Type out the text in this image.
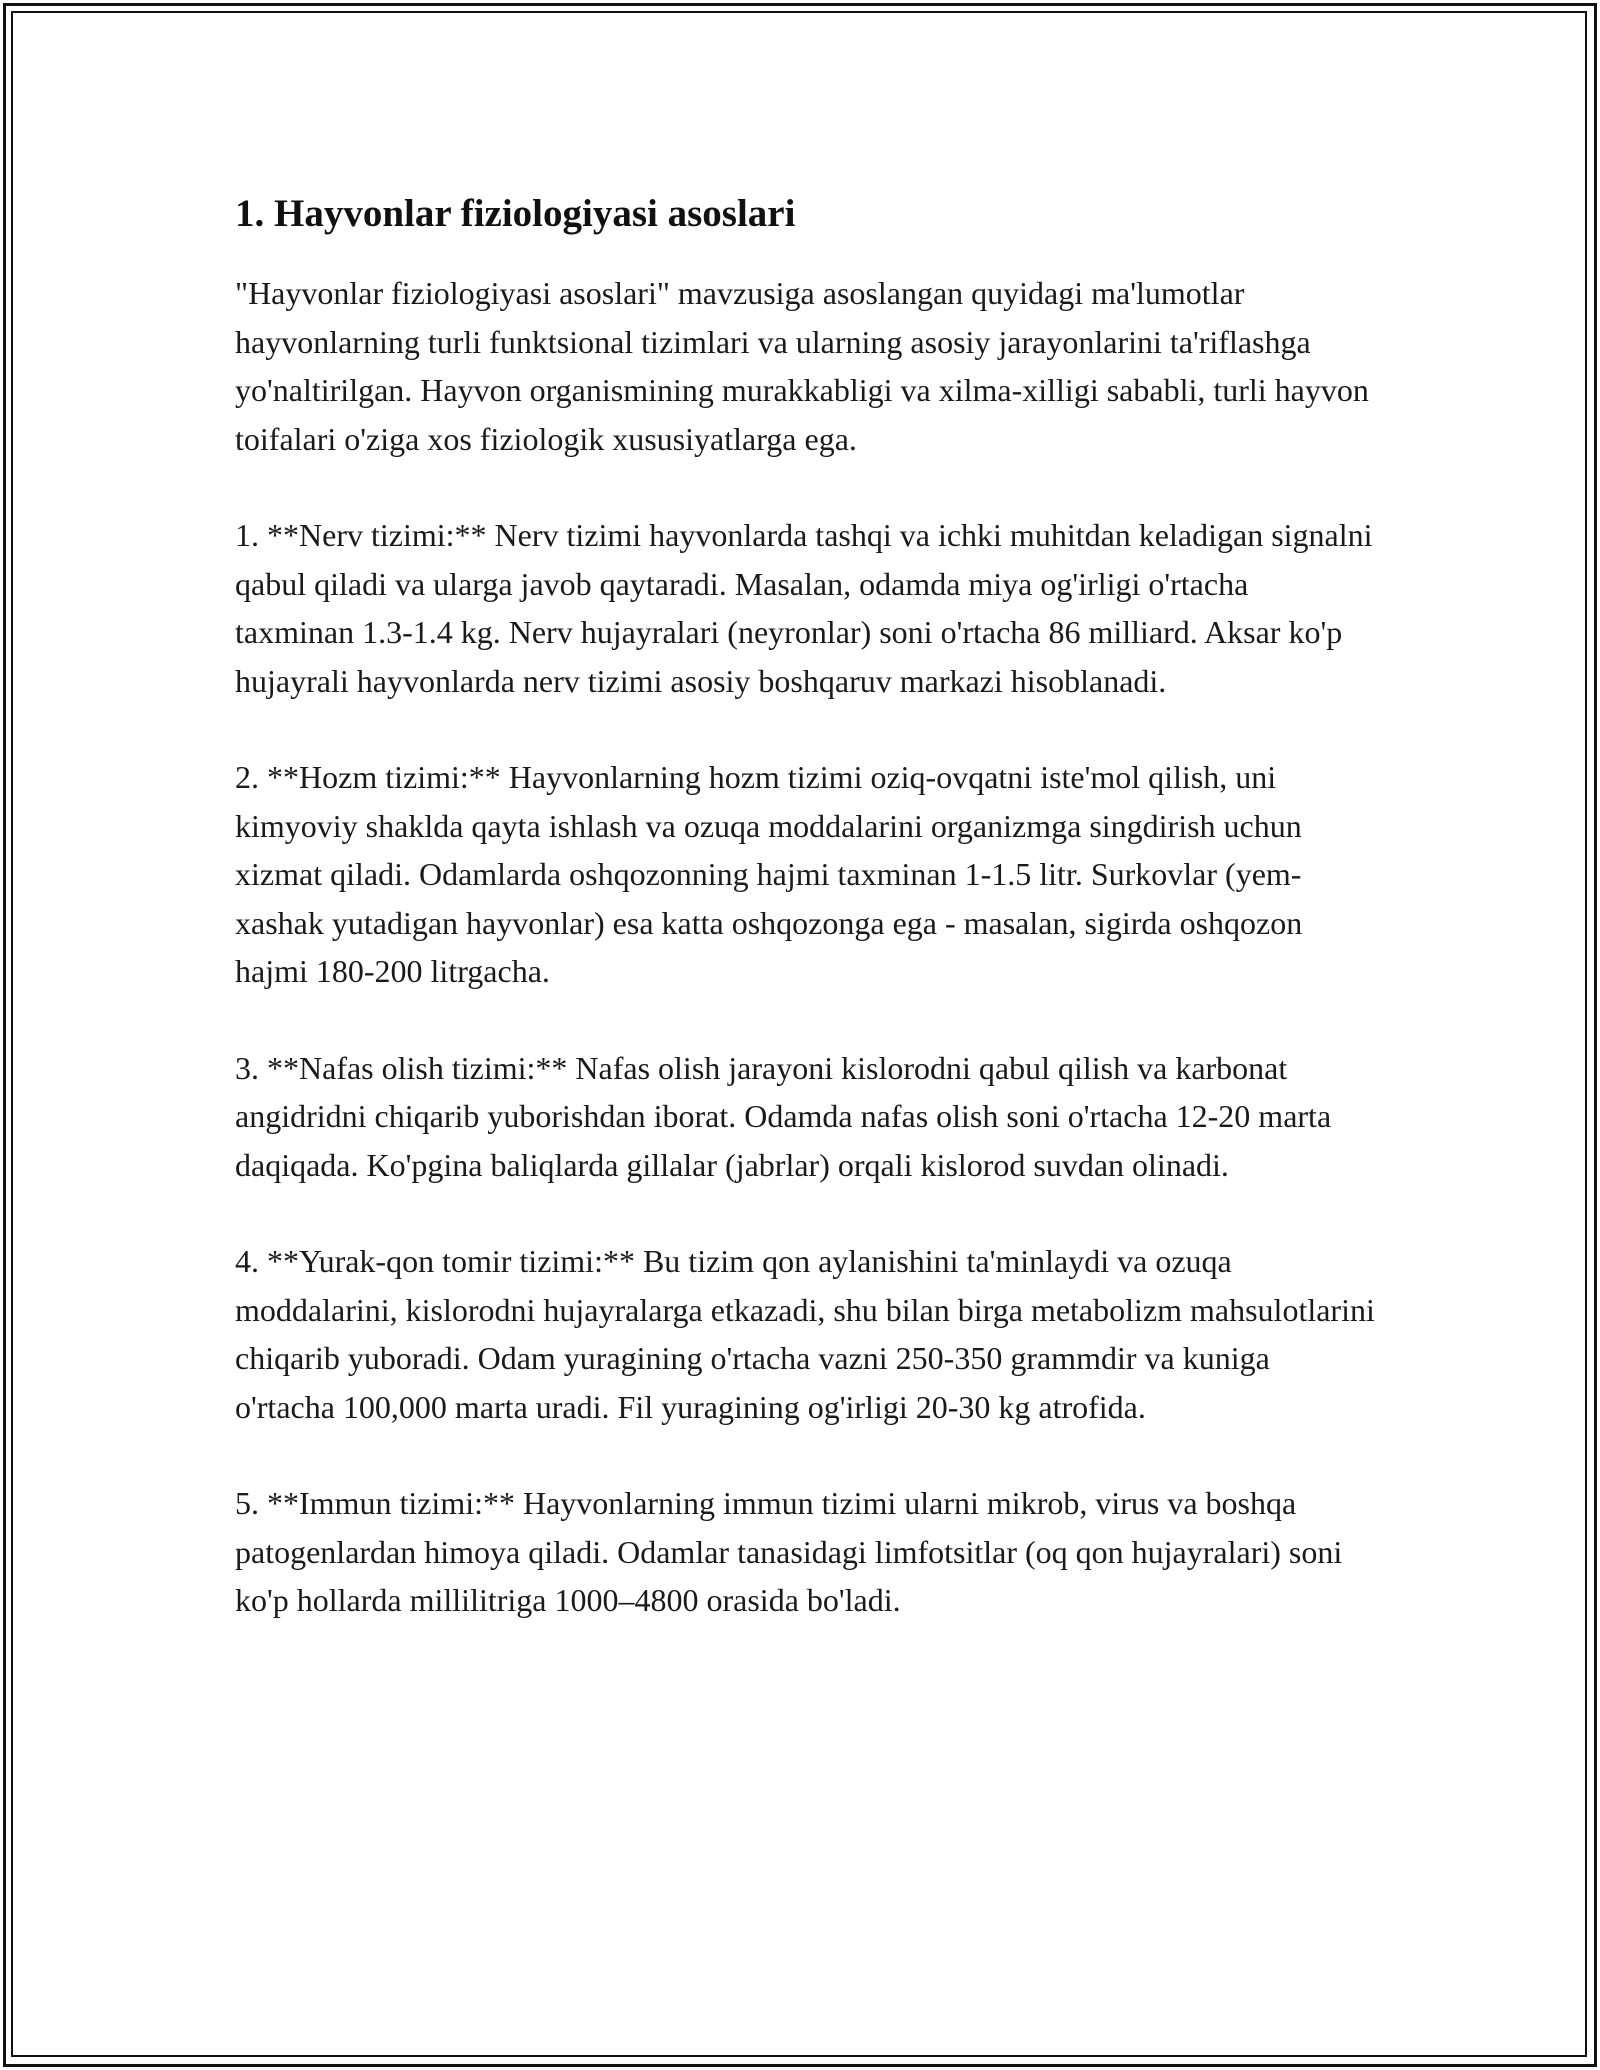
1. Hayvonlar fiziologiyasi asoslari

"Hayvonlar fiziologiyasi asoslari" mavzusiga asoslangan quyidagi ma'lumotlar hayvonlarning turli funktsional tizimlari va ularning asosiy jarayonlarini ta'riflashga yo'naltirilgan. Hayvon organismining murakkabligi va xilma-xilligi sababli, turli hayvon toifalari o'ziga xos fiziologik xususiyatlarga ega.

1. **Nerv tizimi:** Nerv tizimi hayvonlarda tashqi va ichki muhitdan keladigan signalni qabul qiladi va ularga javob qaytaradi. Masalan, odamda miya og'irligi o'rtacha taxminan 1.3-1.4 kg. Nerv hujayralari (neyronlar) soni o'rtacha 86 milliard. Aksar ko'p hujayrali hayvonlarda nerv tizimi asosiy boshqaruv markazi hisoblanadi.

2. **Hozm tizimi:** Hayvonlarning hozm tizimi oziq-ovqatni iste'mol qilish, uni kimyoviy shaklda qayta ishlash va ozuqa moddalarini organizmga singdirish uchun xizmat qiladi. Odamlarda oshqozonning hajmi taxminan 1-1.5 litr. Surkovlar (yem-xashak yutadigan hayvonlar) esa katta oshqozonga ega - masalan, sigirda oshqozon hajmi 180-200 litrgacha.

3. **Nafas olish tizimi:** Nafas olish jarayoni kislorodni qabul qilish va karbonat angidridni chiqarib yuborishdan iborat. Odamda nafas olish soni o'rtacha 12-20 marta daqiqada. Ko'pgina baliqlarda gillalar (jabrlar) orqali kislorod suvdan olinadi.

4. **Yurak-qon tomir tizimi:** Bu tizim qon aylanishini ta'minlaydi va ozuqa moddalarini, kislorodni hujayralarga etkazadi, shu bilan birga metabolizm mahsulotlarini chiqarib yuboradi. Odam yuragining o'rtacha vazni 250-350 grammdir va kuniga o'rtacha 100,000 marta uradi. Fil yuragining og'irligi 20-30 kg atrofida.

5. **Immun tizimi:** Hayvonlarning immun tizimi ularni mikrob, virus va boshqa patogenlardan himoya qiladi. Odamlar tanasidagi limfotsitlar (oq qon hujayralari) soni ko'p hollarda millilitriga 1000–4800 orasida bo'ladi.
